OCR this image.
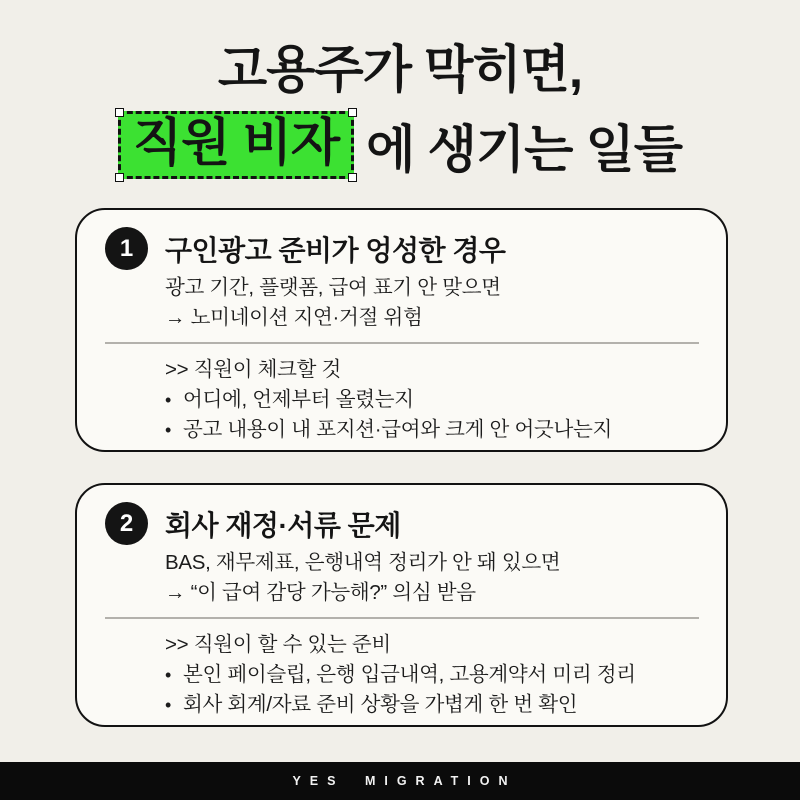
고용주가 막히면,
직원 비자 에 생기는 일들
1	구인광고 준비가 엉성한 경우
광고 기간, 플랫폼, 급여 표기 안 맞으면
→ 노미네이션 지연·거절 위험
>> 직원이 체크할 것
• 어디에, 언제부터 올렸는지
• 공고 내용이 내 포지션·급여와 크게 안 어긋나는지
2	회사 재정·서류 문제
BAS, 재무제표, 은행내역 정리가 안 돼 있으면
→ “이 급여 감당 가능해?” 의심 받음
>> 직원이 할 수 있는 준비
• 본인 페이슬립, 은행 입금내역, 고용계약서 미리 정리
• 회사 회계/자료 준비 상황을 가볍게 한 번 확인
YES MIGRATION
